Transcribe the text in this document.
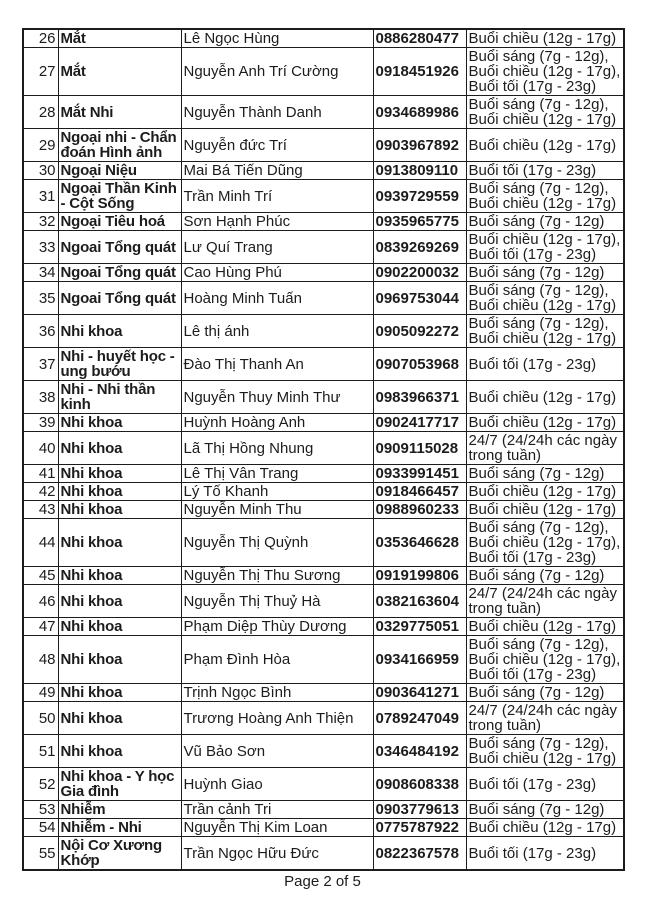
26	Mắt	Lê Ngọc Hùng	0886280477	Buổi chiều (12g - 17g)
27	Mắt	Nguyễn Anh Trí Cường	0918451926	Buổi sáng (7g - 12g), Buổi chiều (12g - 17g), Buổi tối (17g - 23g)
28	Mắt Nhi	Nguyễn Thành Danh	0934689986	Buổi sáng (7g - 12g), Buổi chiều (12g - 17g)
29	Ngoại nhi - Chẩn đoán Hình ảnh	Nguyễn đức Trí	0903967892	Buổi chiều (12g - 17g)
30	Ngoại Niệu	Mai Bá Tiến Dũng	0913809110	Buổi tối (17g - 23g)
31	Ngoại Thần Kinh - Cột Sống	Trần Minh Trí	0939729559	Buổi sáng (7g - 12g), Buổi chiều (12g - 17g)
32	Ngoại Tiêu hoá	Sơn Hạnh Phúc	0935965775	Buổi sáng (7g - 12g)
33	Ngoai Tổng quát	Lư Quí Trang	0839269269	Buổi chiều (12g - 17g), Buổi tối (17g - 23g)
34	Ngoai Tổng quát	Cao Hùng Phú	0902200032	Buổi sáng (7g - 12g)
35	Ngoai Tổng quát	Hoàng Minh Tuấn	0969753044	Buổi sáng (7g - 12g), Buổi chiều (12g - 17g)
36	Nhi khoa	Lê thị ánh	0905092272	Buổi sáng (7g - 12g), Buổi chiều (12g - 17g)
37	Nhi - huyết học - ung bướu	Đào Thị Thanh An	0907053968	Buổi tối (17g - 23g)
38	Nhi - Nhi thần kinh	Nguyễn Thuy Minh Thư	0983966371	Buổi chiều (12g - 17g)
39	Nhi khoa	Huỳnh Hoàng Anh	0902417717	Buổi chiều (12g - 17g)
40	Nhi khoa	Lã Thị Hồng Nhung	0909115028	24/7 (24/24h các ngày trong tuần)
41	Nhi khoa	Lê Thị Vân Trang	0933991451	Buổi sáng (7g - 12g)
42	Nhi khoa	Lý Tố Khanh	0918466457	Buổi chiều (12g - 17g)
43	Nhi khoa	Nguyễn Minh Thu	0988960233	Buổi chiều (12g - 17g)
44	Nhi khoa	Nguyễn Thị Quỳnh	0353646628	Buổi sáng (7g - 12g), Buổi chiều (12g - 17g), Buổi tối (17g - 23g)
45	Nhi khoa	Nguyễn Thị Thu Sương	0919199806	Buổi sáng (7g - 12g)
46	Nhi khoa	Nguyễn Thị Thuỷ Hà	0382163604	24/7 (24/24h các ngày trong tuần)
47	Nhi khoa	Phạm Diệp Thùy Dương	0329775051	Buổi chiều (12g - 17g)
48	Nhi khoa	Phạm Đình Hòa	0934166959	Buổi sáng (7g - 12g), Buổi chiều (12g - 17g), Buổi tối (17g - 23g)
49	Nhi khoa	Trịnh Ngọc Bình	0903641271	Buổi sáng (7g - 12g)
50	Nhi khoa	Trương Hoàng Anh Thiện	0789247049	24/7 (24/24h các ngày trong tuần)
51	Nhi khoa	Vũ Bảo Sơn	0346484192	Buổi sáng (7g - 12g), Buổi chiều (12g - 17g)
52	Nhi khoa - Y học Gia đình	Huỳnh Giao	0908608338	Buổi tối (17g - 23g)
53	Nhiễm	Trần cảnh Tri	0903779613	Buổi sáng (7g - 12g)
54	Nhiễm - Nhi	Nguyễn Thị Kim Loan	0775787922	Buổi chiều (12g - 17g)
55	Nội Cơ Xương Khớp	Trần Ngọc Hữu Đức	0822367578	Buổi tối (17g - 23g)
Page 2 of 5
